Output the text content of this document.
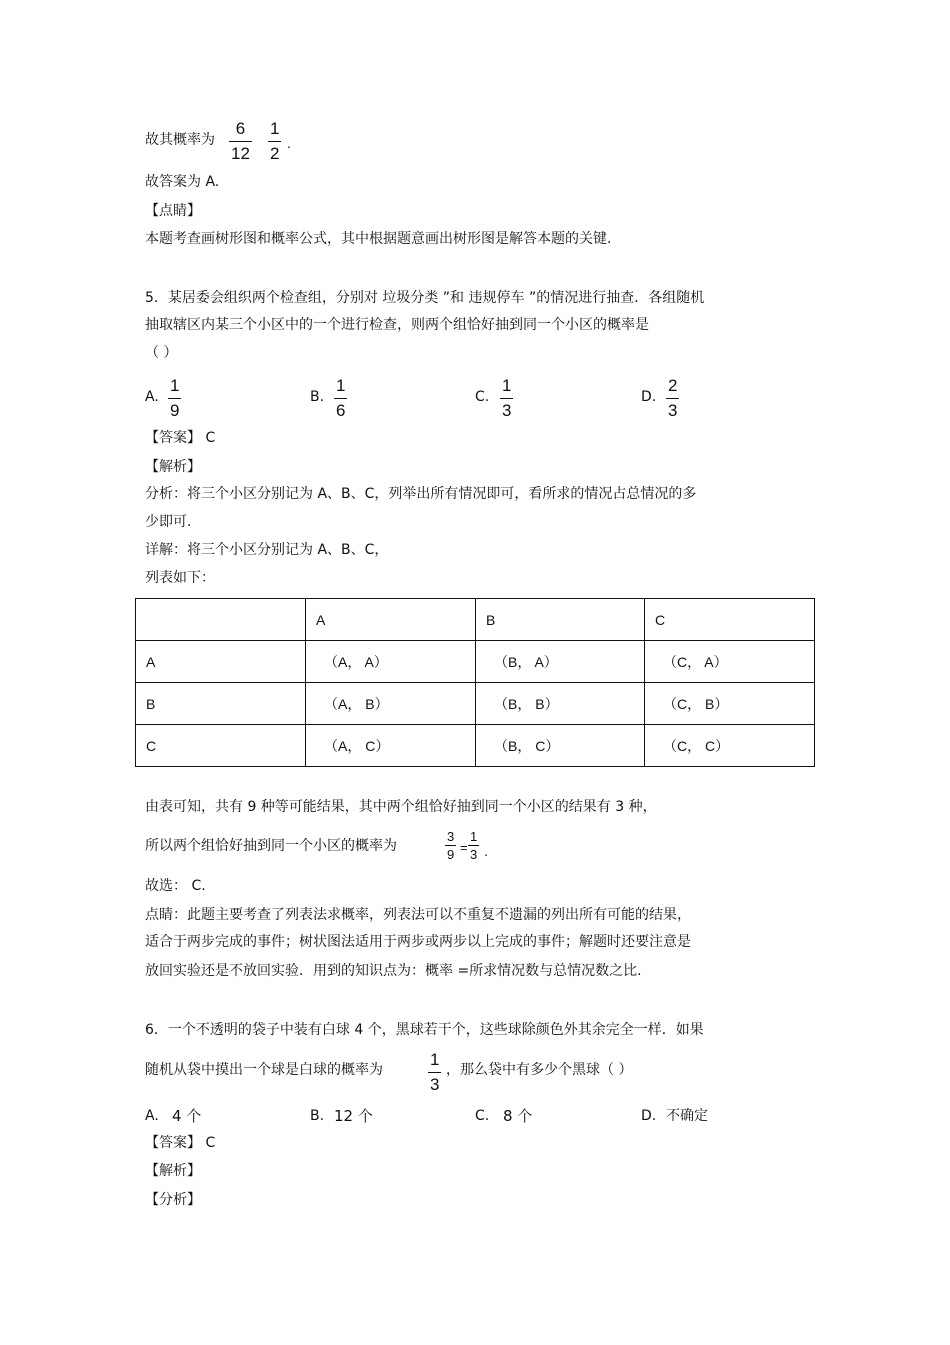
故其概率为
6
12
1
2
.
故答案为 A.
【点睛】
本题考查画树形图和概率公式，其中根据题意画出树形图是解答本题的关键.
5．某居委会组织两个检查组，分别对 垃圾分类 ”和 违规停车 ”的情况进行抽查．各组随机
抽取辖区内某三个小区中的一个进行检查，则两个组恰好抽到同一个小区的概率是
（ ）
A.
1
9
B.
1
6
C.
1
3
D.
2
3
【答案】 C
【解析】
分析：将三个小区分别记为 A、B、C，列举出所有情况即可，看所求的情况占总情况的多
少即可.
详解：将三个小区分别记为 A、B、C，
列表如下：
	A	B	C
A	（A， A）	（B， A）	（C， A）
B	（A， B）	（B， B）	（C， B）
C	（A， C）	（B， C）	（C， C）
由表可知，共有 9 种等可能结果，其中两个组恰好抽到同一个小区的结果有 3 种，
所以两个组恰好抽到同一个小区的概率为
3
9 =
1
3 .
故选： C.
点睛：此题主要考查了列表法求概率，列表法可以不重复不遗漏的列出所有可能的结果，
适合于两步完成的事件；树状图法适用于两步或两步以上完成的事件；解题时还要注意是
放回实验还是不放回实验．用到的知识点为：概率 =所求情况数与总情况数之比.
6．一个不透明的袋子中装有白球 4 个，黑球若干个，这些球除颜色外其余完全一样．如果
随机从袋中摸出一个球是白球的概率为
1
3
，那么袋中有多少个黑球（ ）
A. 4 个	B. 12 个	C. 8 个	D. 不确定
【答案】 C
【解析】
【分析】
